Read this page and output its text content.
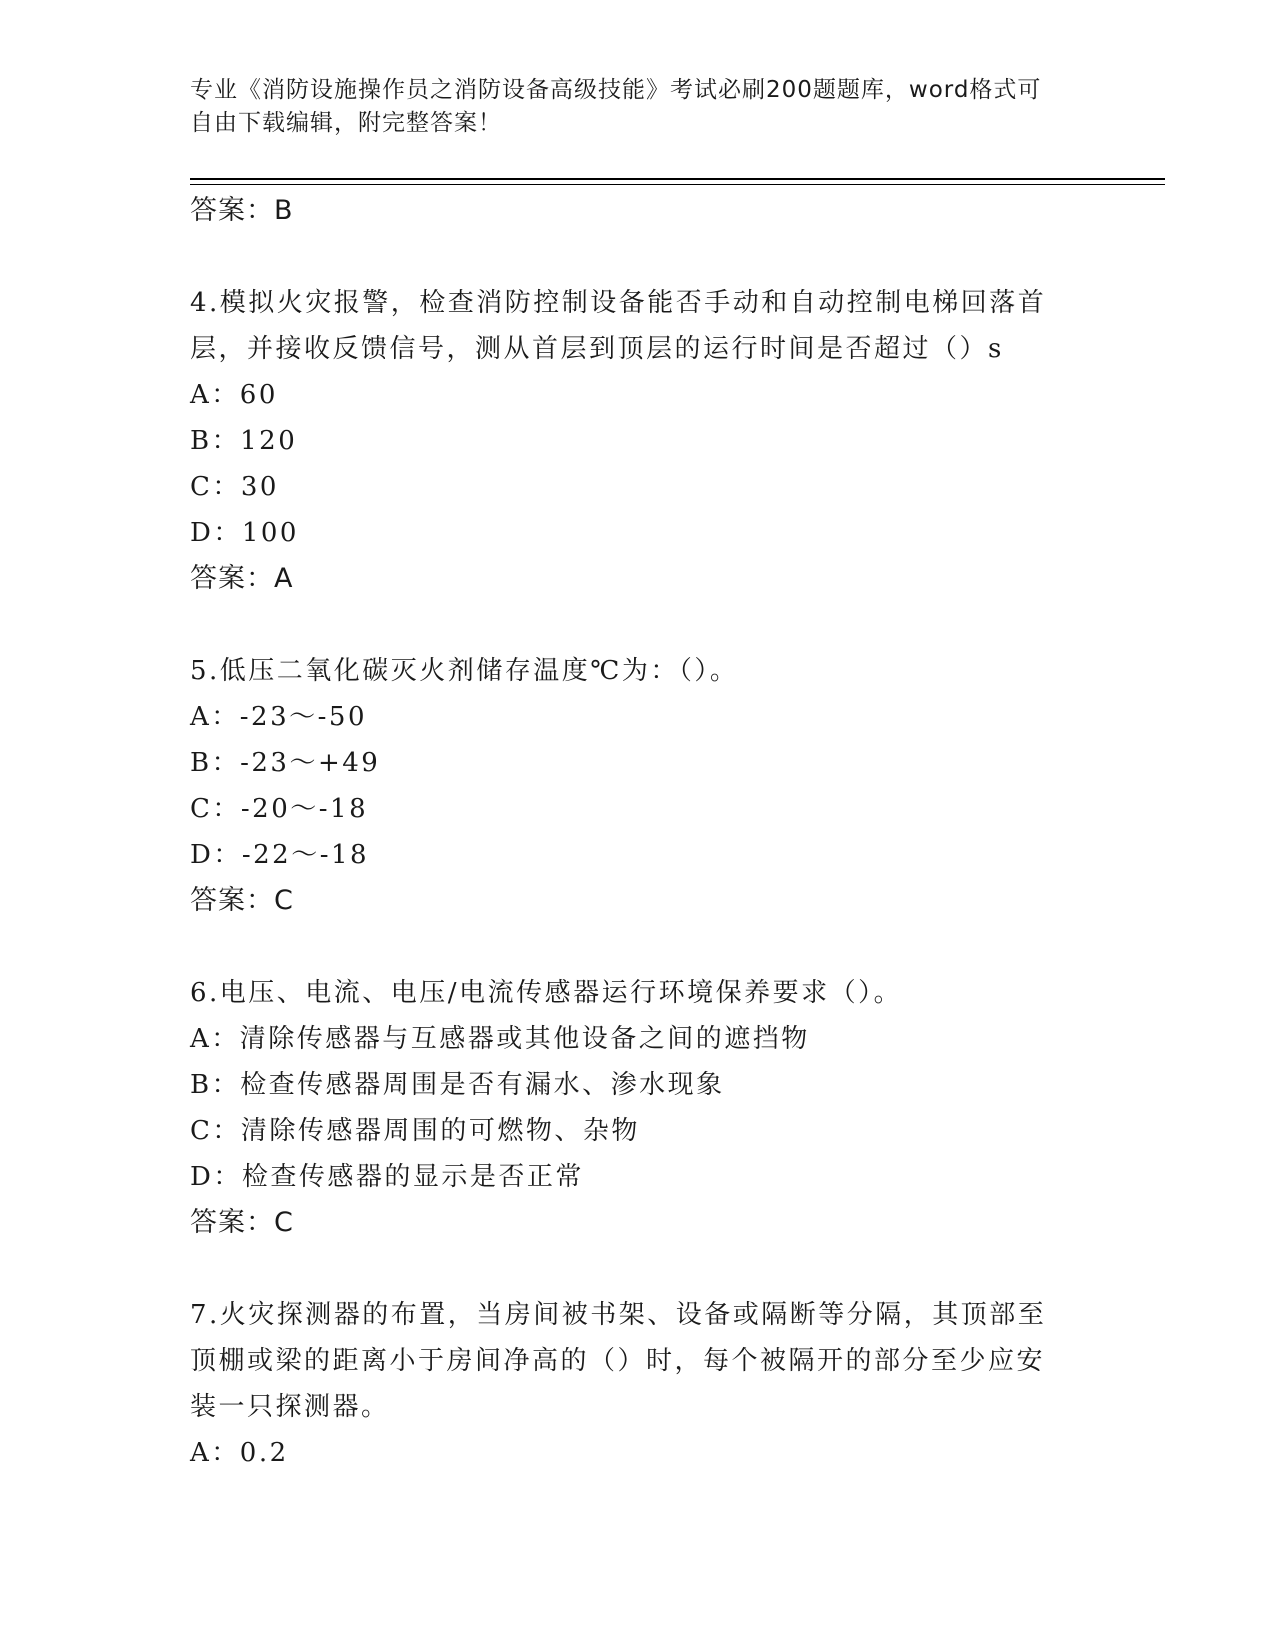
专业《消防设施操作员之消防设备高级技能》考试必刷200题题库，word格式可
自由下载编辑，附完整答案！
答案：B
4.模拟火灾报警，检查消防控制设备能否手动和自动控制电梯回落首
层，并接收反馈信号，测从首层到顶层的运行时间是否超过（）s
A：60
B：120
C：30
D：100
答案：A
5.低压二氧化碳灭火剂储存温度℃为：（）。
A：-23～-50
B：-23～+49
C：-20～-18
D：-22～-18
答案：C
6.电压、电流、电压/电流传感器运行环境保养要求（）。
A：清除传感器与互感器或其他设备之间的遮挡物
B：检查传感器周围是否有漏水、渗水现象
C：清除传感器周围的可燃物、杂物
D：检查传感器的显示是否正常
答案：C
7.火灾探测器的布置，当房间被书架、设备或隔断等分隔，其顶部至
顶棚或梁的距离小于房间净高的（）时，每个被隔开的部分至少应安
装一只探测器。
A：0.2
